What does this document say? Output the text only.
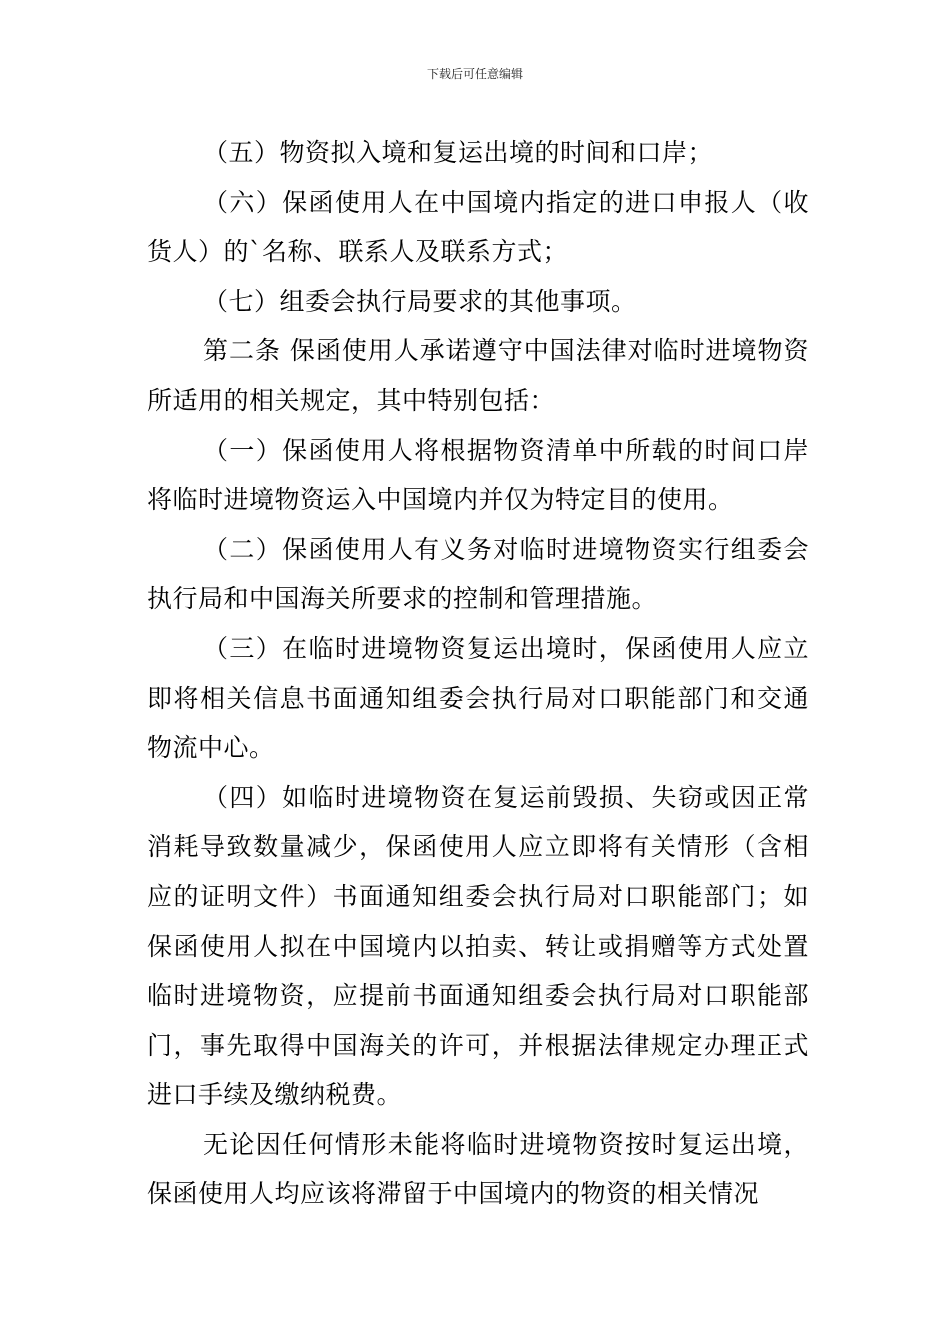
下载后可任意编辑

（五）物资拟入境和复运出境的时间和口岸；

（六）保函使用人在中国境内指定的进口申报人（收货人）的`名称、联系人及联系方式；

（七）组委会执行局要求的其他事项。

第二条 保函使用人承诺遵守中国法律对临时进境物资所适用的相关规定，其中特别包括：

（一）保函使用人将根据物资清单中所载的时间口岸将临时进境物资运入中国境内并仅为特定目的使用。

（二）保函使用人有义务对临时进境物资实行组委会执行局和中国海关所要求的控制和管理措施。

（三）在临时进境物资复运出境时，保函使用人应立即将相关信息书面通知组委会执行局对口职能部门和交通物流中心。

（四）如临时进境物资在复运前毁损、失窃或因正常消耗导致数量减少，保函使用人应立即将有关情形（含相应的证明文件）书面通知组委会执行局对口职能部门；如保函使用人拟在中国境内以拍卖、转让或捐赠等方式处置临时进境物资，应提前书面通知组委会执行局对口职能部门，事先取得中国海关的许可，并根据法律规定办理正式进口手续及缴纳税费。

无论因任何情形未能将临时进境物资按时复运出境，保函使用人均应该将滞留于中国境内的物资的相关情况
